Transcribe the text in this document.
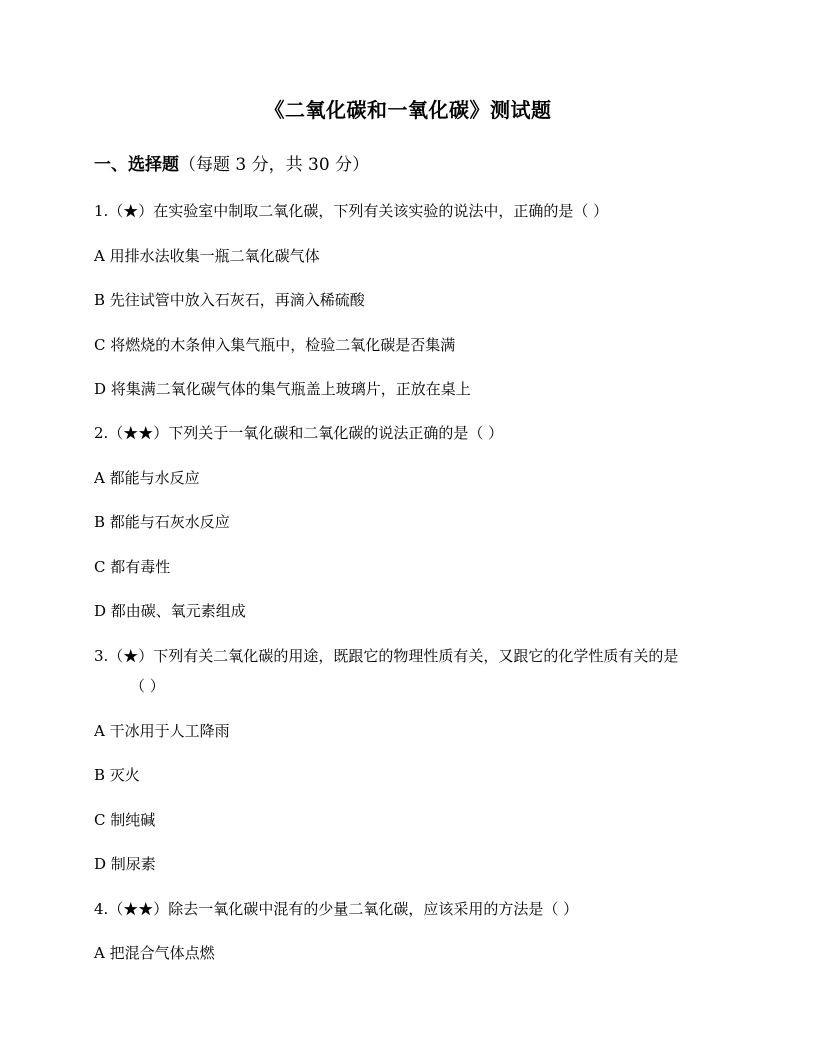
《二氧化碳和一氧化碳》测试题
一、选择题（每题 3 分，共 30 分）
1.（★）在实验室中制取二氧化碳，下列有关该实验的说法中，正确的是（ ）
A 用排水法收集一瓶二氧化碳气体
B 先往试管中放入石灰石，再滴入稀硫酸
C 将燃烧的木条伸入集气瓶中，检验二氧化碳是否集满
D 将集满二氧化碳气体的集气瓶盖上玻璃片，正放在桌上
2.（★★）下列关于一氧化碳和二氧化碳的说法正确的是（ ）
A 都能与水反应
B 都能与石灰水反应
C 都有毒性
D 都由碳、氧元素组成
3.（★）下列有关二氧化碳的用途，既跟它的物理性质有关，又跟它的化学性质有关的是
（ ）
A 干冰用于人工降雨
B 灭火
C 制纯碱
D 制尿素
4.（★★）除去一氧化碳中混有的少量二氧化碳，应该采用的方法是（ ）
A 把混合气体点燃
